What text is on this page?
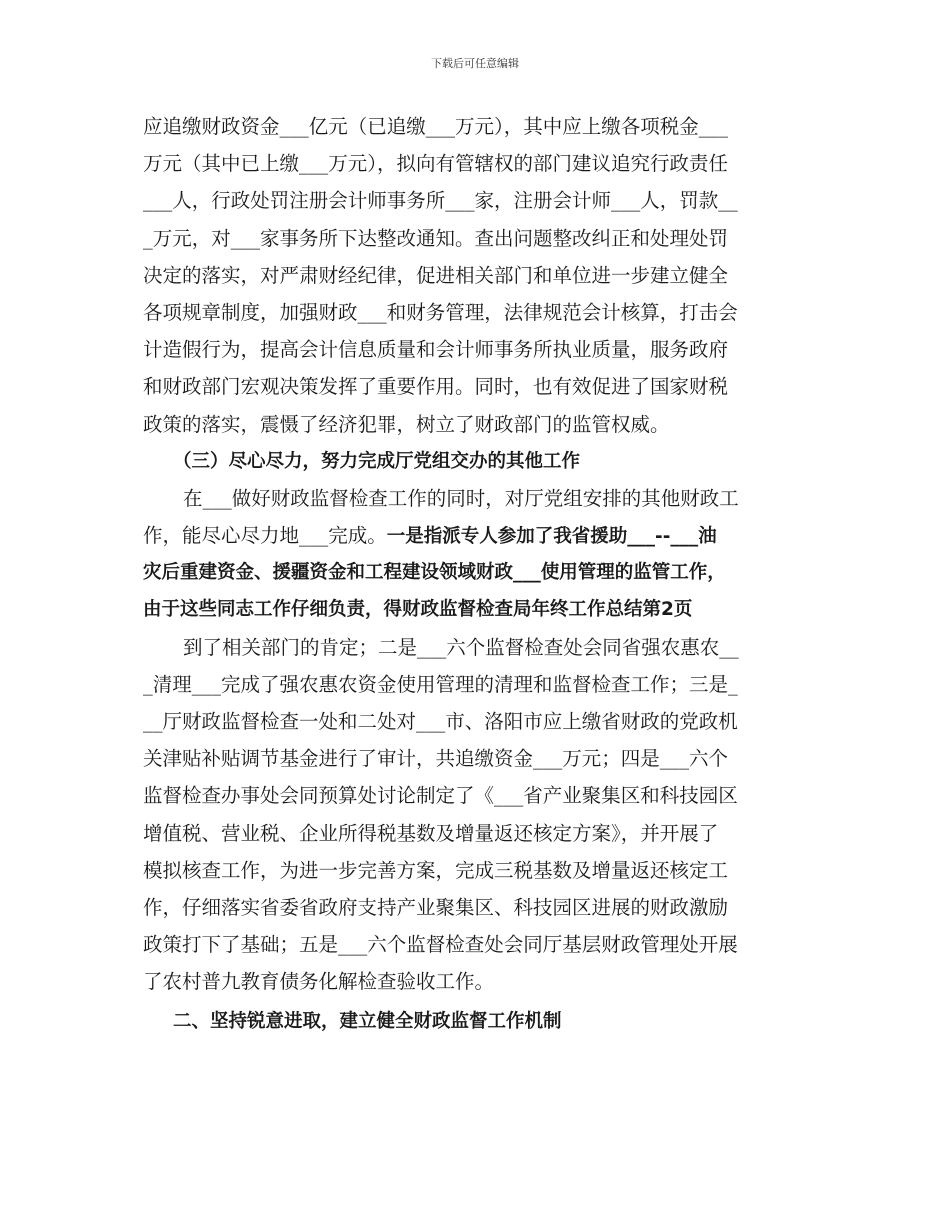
下载后可任意编辑
应追缴财政资金___亿元（已追缴___万元），其中应上缴各项税金___
万元（其中已上缴___万元），拟向有管辖权的部门建议追究行政责任
___人，行政处罚注册会计师事务所___家，注册会计师___人，罚款__
_万元，对___家事务所下达整改通知。查出问题整改纠正和处理处罚
决定的落实，对严肃财经纪律，促进相关部门和单位进一步建立健全
各项规章制度，加强财政___和财务管理，法律规范会计核算，打击会
计造假行为，提高会计信息质量和会计师事务所执业质量，服务政府
和财政部门宏观决策发挥了重要作用。同时，也有效促进了国家财税
政策的落实，震慑了经济犯罪，树立了财政部门的监管权威。
（三）尽心尽力，努力完成厅党组交办的其他工作
在___做好财政监督检查工作的同时，对厅党组安排的其他财政工
作，能尽心尽力地___完成。一是指派专人参加了我省援助___--___油
灾后重建资金、援疆资金和工程建设领域财政___使用管理的监管工作，
由于这些同志工作仔细负责，得财政监督检查局年终工作总结第2页
到了相关部门的肯定；二是___六个监督检查处会同省强农惠农__
_清理___完成了强农惠农资金使用管理的清理和监督检查工作；三是_
__厅财政监督检查一处和二处对___市、洛阳市应上缴省财政的党政机
关津贴补贴调节基金进行了审计，共追缴资金___万元；四是___六个
监督检查办事处会同预算处讨论制定了《___省产业聚集区和科技园区
增值税、营业税、企业所得税基数及增量返还核定方案》，并开展了
模拟核查工作，为进一步完善方案，完成三税基数及增量返还核定工
作，仔细落实省委省政府支持产业聚集区、科技园区进展的财政激励
政策打下了基础；五是___六个监督检查处会同厅基层财政管理处开展
了农村普九教育债务化解检查验收工作。
二、坚持锐意进取，建立健全财政监督工作机制
